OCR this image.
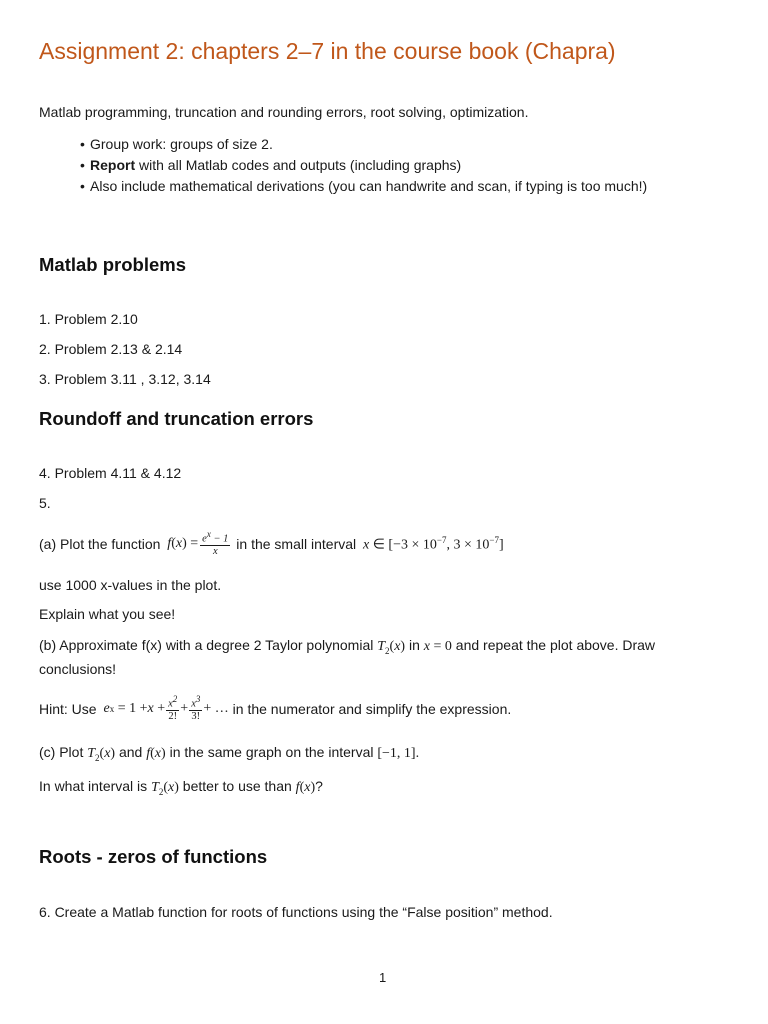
Assignment 2: chapters 2–7 in the course book (Chapra)
Matlab programming, truncation and rounding errors, root solving, optimization.
• Group work: groups of size 2.
• Report with all Matlab codes and outputs (including graphs)
• Also include mathematical derivations (you can handwrite and scan, if typing is too much!)
Matlab problems
1. Problem 2.10
2. Problem 2.13 & 2.14
3. Problem 3.11 , 3.12, 3.14
Roundoff and truncation errors
4. Problem 4.11 & 4.12
5.
(a) Plot the function f ( x ) = $\frac{e^x - 1}{x}$ in the small interval x ∈ [$-3 \times 10^{-7}$, $3 \times 10^{-7}$]
use 1000 x-values in the plot.
Explain what you see!
(b) Approximate f(x) with a degree 2 Taylor polynomial $T_2(x)$ in x = 0 and repeat the plot above. Draw
conclusions!
Hint: Use e $x = 1 + x + \frac{x^2}{2!} + \frac{x^3}{3!}$ + … in the numerator and simplify the expression.
(c) Plot $T_2(x)$ and f(x) in the same graph on the interval [−1, 1].
In what interval is $T_2(x)$ better to use than f(x)?
Roots - zeros of functions
6. Create a Matlab function for roots of functions using the “False position” method.
1
